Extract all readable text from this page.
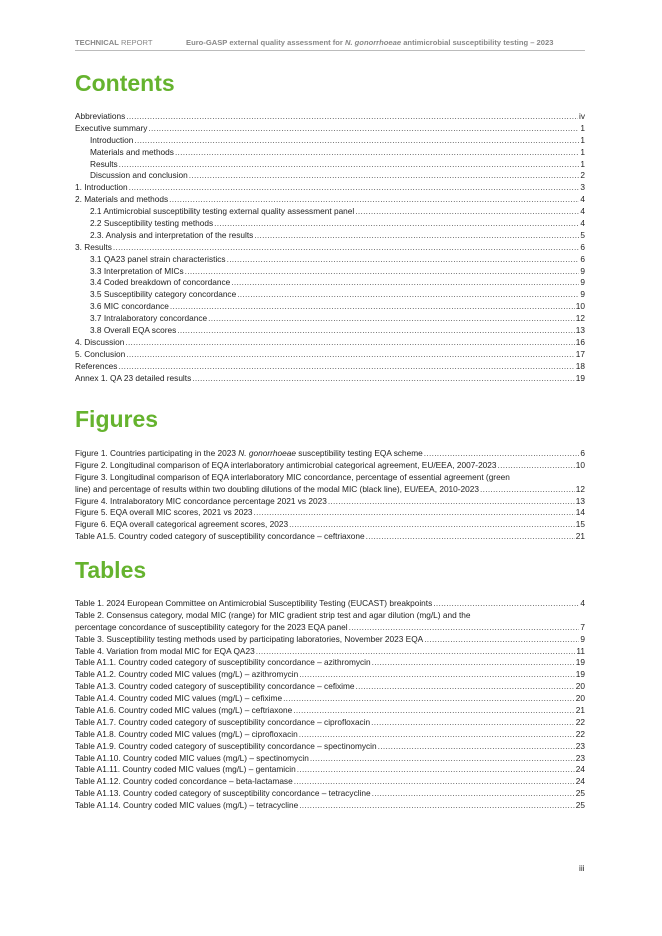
TECHNICAL REPORT	Euro-GASP external quality assessment for N. gonorrhoeae antimicrobial susceptibility testing – 2023
Contents
Abbreviations .....	iv
Executive summary .....	1
Introduction .....	1
Materials and methods .....	1
Results .....	1
Discussion and conclusion .....	2
1. Introduction .....	3
2. Materials and methods .....	4
2.1 Antimicrobial susceptibility testing external quality assessment panel .....	4
2.2 Susceptibility testing methods .....	4
2.3. Analysis and interpretation of the results .....	5
3. Results .....	6
3.1 QA23 panel strain characteristics .....	6
3.3 Interpretation of MICs .....	9
3.4 Coded breakdown of concordance .....	9
3.5 Susceptibility category concordance .....	9
3.6 MIC concordance .....	10
3.7 Intralaboratory concordance .....	12
3.8 Overall EQA scores .....	13
4. Discussion .....	16
5. Conclusion .....	17
References .....	18
Annex 1. QA 23 detailed results .....	19
Figures
Figure 1. Countries participating in the 2023 N. gonorrhoeae susceptibility testing EQA scheme .....	6
Figure 2. Longitudinal comparison of EQA interlaboratory antimicrobial categorical agreement, EU/EEA, 2007-2023 .....	10
Figure 3. Longitudinal comparison of EQA interlaboratory MIC concordance, percentage of essential agreement (green
line) and percentage of results within two doubling dilutions of the modal MIC (black line), EU/EEA, 2010-2023 .....	12
Figure 4. Intralaboratory MIC concordance percentage 2021 vs 2023 .....	13
Figure 5. EQA overall MIC scores, 2021 vs 2023 .....	14
Figure 6. EQA overall categorical agreement scores, 2023 .....	15
Table A1.5. Country coded category of susceptibility concordance – ceftriaxone .....	21
Tables
Table 1. 2024 European Committee on Antimicrobial Susceptibility Testing (EUCAST) breakpoints .....	4
Table 2. Consensus category, modal MIC (range) for MIC gradient strip test and agar dilution (mg/L) and the
percentage concordance of susceptibility category for the 2023 EQA panel .....	7
Table 3. Susceptibility testing methods used by participating laboratories, November 2023 EQA .....	9
Table 4. Variation from modal MIC for EQA QA23 .....	11
Table A1.1. Country coded category of susceptibility concordance – azithromycin .....	19
Table A1.2. Country coded MIC values (mg/L) – azithromycin .....	19
Table A1.3. Country coded category of susceptibility concordance – cefixime .....	20
Table A1.4. Country coded MIC values (mg/L) – cefixime .....	20
Table A1.6. Country coded MIC values (mg/L) – ceftriaxone .....	21
Table A1.7. Country coded category of susceptibility concordance – ciprofloxacin .....	22
Table A1.8. Country coded MIC values (mg/L) – ciprofloxacin .....	22
Table A1.9. Country coded category of susceptibility concordance – spectinomycin .....	23
Table A1.10. Country coded MIC values (mg/L) – spectinomycin .....	23
Table A1.11. Country coded MIC values (mg/L) – gentamicin .....	24
Table A1.12. Country coded concordance – beta-lactamase .....	24
Table A1.13. Country coded category of susceptibility concordance – tetracycline .....	25
Table A1.14. Country coded MIC values (mg/L) – tetracycline .....	25
iii
